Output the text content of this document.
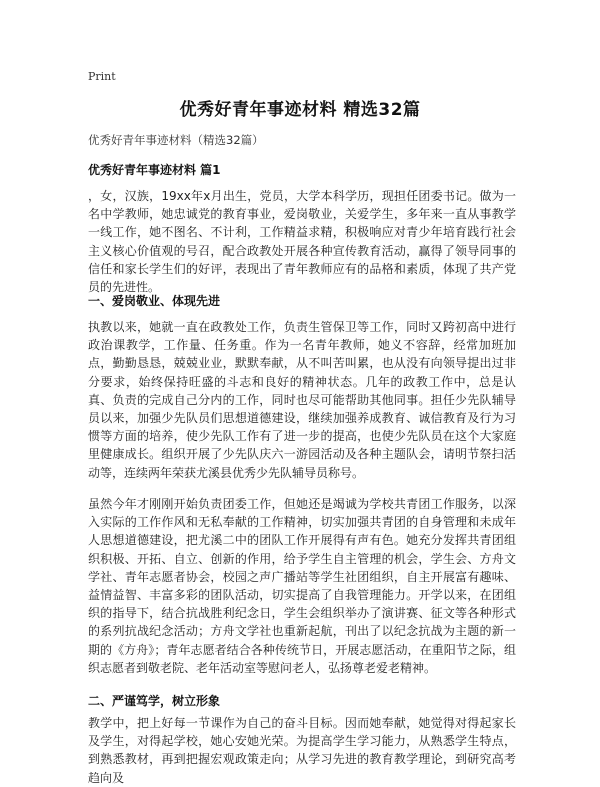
Print
优秀好青年事迹材料 精选32篇
优秀好青年事迹材料（精选32篇）
优秀好青年事迹材料 篇1

，女，汉族，19xx年x月出生，党员，大学本科学历，现担任团委书记。做为一名中学教师，她忠诚党的教育事业，爱岗敬业，关爱学生，多年来一直从事教学一线工作，她不图名、不计利，工作精益求精，积极响应对青少年培育践行社会主义核心价值观的号召，配合政教处开展各种宣传教育活动，赢得了领导同事的信任和家长学生们的好评，表现出了青年教师应有的品格和素质，体现了共产党员的先进性。

一、爱岗敬业、体现先进

执教以来，她就一直在政教处工作，负责生管保卫等工作，同时又跨初高中进行政治课教学，工作量、任务重。作为一名青年教师，她义不容辞，经常加班加点，勤勤恳恳，兢兢业业，默默奉献，从不叫苦叫累，也从没有向领导提出过非分要求，始终保持旺盛的斗志和良好的精神状态。几年的政教工作中，总是认真、负责的完成自己分内的工作，同时也尽可能帮助其他同事。担任少先队辅导员以来，加强少先队员们思想道德建设，继续加强养成教育、诚信教育及行为习惯等方面的培养，使少先队工作有了进一步的提高，也使少先队员在这个大家庭里健康成长。组织开展了少先队庆六一游园活动及各种主题队会，请明节祭扫活动等，连续两年荣获尤溪县优秀少先队辅导员称号。

虽然今年才刚刚开始负责团委工作，但她还是竭诚为学校共青团工作服务，以深入实际的工作作风和无私奉献的工作精神，切实加强共青团的自身管理和未成年人思想道德建设，把尤溪二中的团队工作开展得有声有色。她充分发挥共青团组织积极、开拓、自立、创新的作用，给予学生自主管理的机会，学生会、方舟文学社、青年志愿者协会，校园之声广播站等学生社团组织，自主开展富有趣味、益情益智、丰富多彩的团队活动，切实提高了自我管理能力。开学以来，在团组织的指导下，结合抗战胜利纪念日，学生会组织举办了演讲赛、征文等各种形式的系列抗战纪念活动；方舟文学社也重新起航，刊出了以纪念抗战为主题的新一期的《方舟》；青年志愿者结合各种传统节日，开展志愿活动，在重阳节之际，组织志愿者到敬老院、老年活动室等慰问老人，弘扬尊老爱老精神。

二、严谨笃学，树立形象

教学中，把上好每一节课作为自己的奋斗目标。因而她奉献，她觉得对得起家长及学生，对得起学校，她心安她光荣。为提高学生学习能力，从熟悉学生特点，到熟悉教材，再到把握宏观政策走向；从学习先进的教育教学理论，到研究高考趋向及
